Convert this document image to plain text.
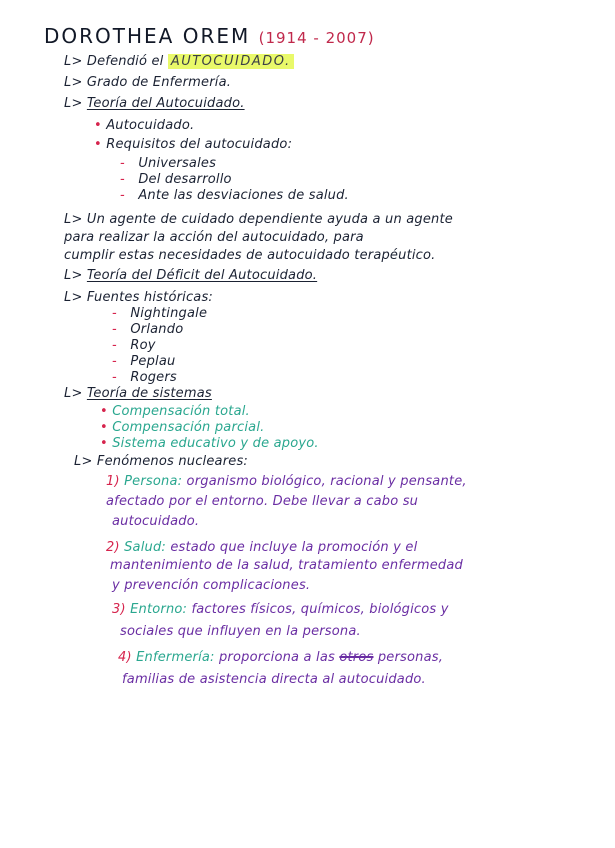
DOROTHEA OREM (1914 - 2007)
L> Defendió el AUTOCUIDADO.
L> Grado de Enfermería.
L> Teoría del Autocuidado.
• Autocuidado.
• Requisitos del autocuidado:
- Universales
- Del desarrollo
- Ante las desviaciones de salud.
L> Un agente de cuidado dependiente ayuda a un agente
para realizar la acción del autocuidado, para
cumplir estas necesidades de autocuidado terapéutico.
L> Teoría del Déficit del Autocuidado.
L> Fuentes históricas:
- Nightingale
- Orlando
- Roy
- Peplau
- Rogers
L> Teoría de sistemas
• Compensación total.
• Compensación parcial.
• Sistema educativo y de apoyo.
L> Fenómenos nucleares:
1) Persona: organismo biológico, racional y pensante,
afectado por el entorno. Debe llevar a cabo su
autocuidado.
2) Salud: estado que incluye la promoción y el
mantenimiento de la salud, tratamiento enfermedad
y prevención complicaciones.
3) Entorno: factores físicos, químicos, biológicos y
sociales que influyen en la persona.
4) Enfermería: proporciona a las otros personas,
familias de asistencia directa al autocuidado.
